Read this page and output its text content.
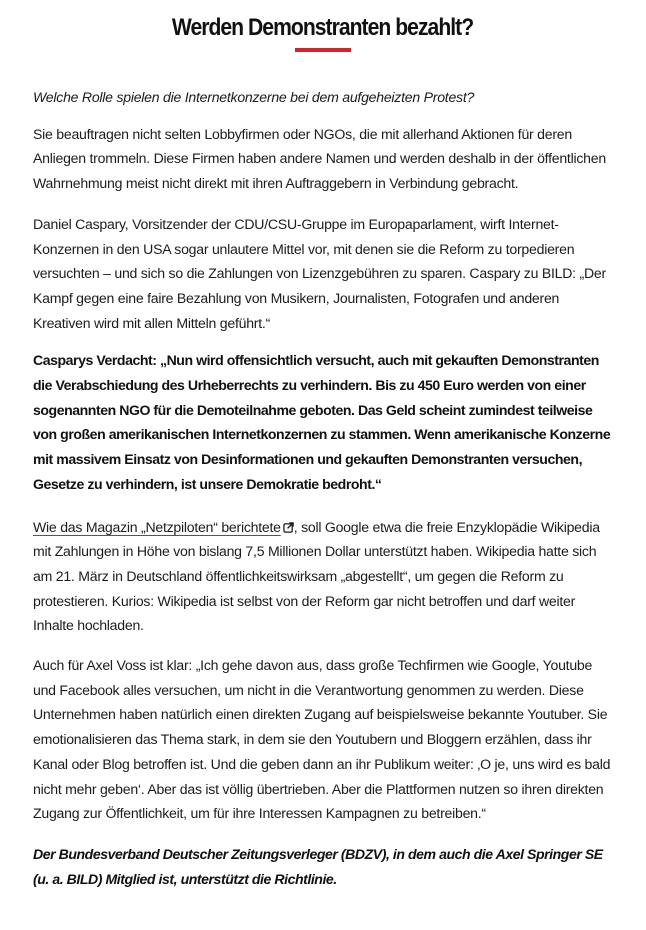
Werden Demonstranten bezahlt?

Welche Rolle spielen die Internetkonzerne bei dem aufgeheizten Protest?

Sie beauftragen nicht selten Lobbyfirmen oder NGOs, die mit allerhand Aktionen für deren Anliegen trommeln. Diese Firmen haben andere Namen und werden deshalb in der öffentlichen Wahrnehmung meist nicht direkt mit ihren Auftraggebern in Verbindung gebracht.

Daniel Caspary, Vorsitzender der CDU/CSU-Gruppe im Europaparlament, wirft Internet-Konzernen in den USA sogar unlautere Mittel vor, mit denen sie die Reform zu torpedieren versuchten – und sich so die Zahlungen von Lizenzgebühren zu sparen. Caspary zu BILD: „Der Kampf gegen eine faire Bezahlung von Musikern, Journalisten, Fotografen und anderen Kreativen wird mit allen Mitteln geführt.“

Casparys Verdacht: „Nun wird offensichtlich versucht, auch mit gekauften Demonstranten die Verabschiedung des Urheberrechts zu verhindern. Bis zu 450 Euro werden von einer sogenannten NGO für die Demoteilnahme geboten. Das Geld scheint zumindest teilweise von großen amerikanischen Internetkonzernen zu stammen. Wenn amerikanische Konzerne mit massivem Einsatz von Desinformationen und gekauften Demonstranten versuchen, Gesetze zu verhindern, ist unsere Demokratie bedroht.“

Wie das Magazin „Netzpiloten“ berichtete , soll Google etwa die freie Enzyklopädie Wikipedia mit Zahlungen in Höhe von bislang 7,5 Millionen Dollar unterstützt haben. Wikipedia hatte sich am 21. März in Deutschland öffentlichkeitswirksam „abgestellt“, um gegen die Reform zu protestieren. Kurios: Wikipedia ist selbst von der Reform gar nicht betroffen und darf weiter Inhalte hochladen.

Auch für Axel Voss ist klar: „Ich gehe davon aus, dass große Techfirmen wie Google, Youtube und Facebook alles versuchen, um nicht in die Verantwortung genommen zu werden. Diese Unternehmen haben natürlich einen direkten Zugang auf beispielsweise bekannte Youtuber. Sie emotionalisieren das Thema stark, in dem sie den Youtubern und Bloggern erzählen, dass ihr Kanal oder Blog betroffen ist. Und die geben dann an ihr Publikum weiter: ‚O je, uns wird es bald nicht mehr geben‘. Aber das ist völlig übertrieben. Aber die Plattformen nutzen so ihren direkten Zugang zur Öffentlichkeit, um für ihre Interessen Kampagnen zu betreiben.“

Der Bundesverband Deutscher Zeitungsverleger (BDZV), in dem auch die Axel Springer SE (u. a. BILD) Mitglied ist, unterstützt die Richtlinie.
